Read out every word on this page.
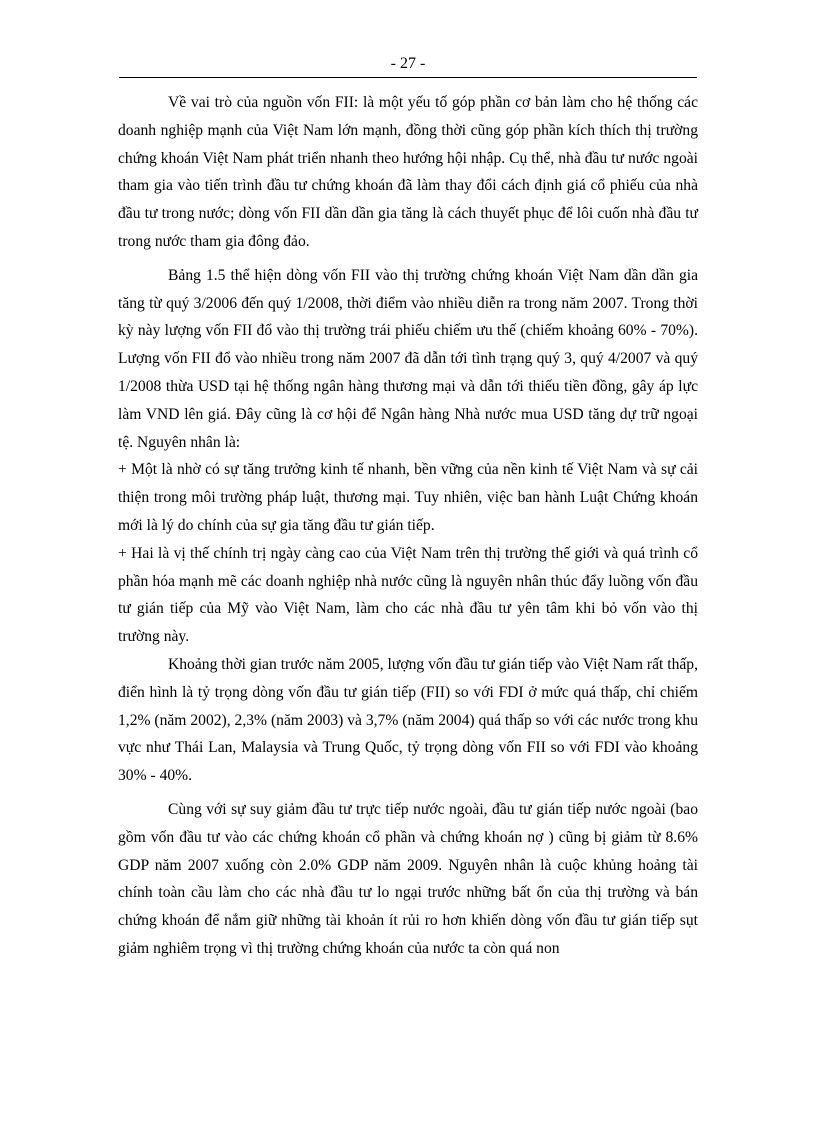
- 27 -

Về vai trò của nguồn vốn FII: là một yếu tố góp phần cơ bản làm cho hệ thống các doanh nghiệp mạnh của Việt Nam lớn mạnh, đồng thời cũng góp phần kích thích thị trường chứng khoán Việt Nam phát triển nhanh theo hướng hội nhập. Cụ thể, nhà đầu tư nước ngoài tham gia vào tiến trình đầu tư chứng khoán đã làm thay đổi cách định giá cổ phiếu của nhà đầu tư trong nước; dòng vốn FII dần dần gia tăng là cách thuyết phục để lôi cuốn nhà đầu tư trong nước tham gia đông đảo.

Bảng 1.5 thể hiện dòng vốn FII vào thị trường chứng khoán Việt Nam dần dần gia tăng từ quý 3/2006 đến quý 1/2008, thời điểm vào nhiều diễn ra trong năm 2007. Trong thời kỳ này lượng vốn FII đổ vào thị trường trái phiếu chiếm ưu thế (chiếm khoảng 60% - 70%). Lượng vốn FII đổ vào nhiều trong năm 2007 đã dẫn tới tình trạng quý 3, quý 4/2007 và quý 1/2008 thừa USD tại hệ thống ngân hàng thương mại và dẫn tới thiếu tiền đồng, gây áp lực làm VND lên giá. Đây cũng là cơ hội để Ngân hàng Nhà nước mua USD tăng dự trữ ngoại tệ. Nguyên nhân là:

+ Một là nhờ có sự tăng trưởng kinh tế nhanh, bền vững của nền kinh tế Việt Nam và sự cải thiện trong môi trường pháp luật, thương mại. Tuy nhiên, việc ban hành Luật Chứng khoán mới là lý do chính của sự gia tăng đầu tư gián tiếp.

+ Hai là vị thế chính trị ngày càng cao của Việt Nam trên thị trường thế giới và quá trình cổ phần hóa mạnh mẽ các doanh nghiệp nhà nước cũng là nguyên nhân thúc đẩy luồng vốn đầu tư gián tiếp của Mỹ vào Việt Nam, làm cho các nhà đầu tư yên tâm khi bỏ vốn vào thị trường này.

Khoảng thời gian trước năm 2005, lượng vốn đầu tư gián tiếp vào Việt Nam rất thấp, điển hình là tỷ trọng dòng vốn đầu tư gián tiếp (FII) so với FDI ở mức quá thấp, chỉ chiếm 1,2% (năm 2002), 2,3% (năm 2003) và 3,7% (năm 2004) quá thấp so với các nước trong khu vực như Thái Lan, Malaysia và Trung Quốc, tỷ trọng dòng vốn FII so với FDI vào khoảng 30% - 40%.

Cùng với sự suy giảm đầu tư trực tiếp nước ngoài, đầu tư gián tiếp nước ngoài (bao gồm vốn đầu tư vào các chứng khoán cổ phần và chứng khoán nợ ) cũng bị giảm từ 8.6% GDP năm 2007 xuống còn 2.0% GDP năm 2009. Nguyên nhân là cuộc khủng hoảng tài chính toàn cầu làm cho các nhà đầu tư lo ngại trước những bất ổn của thị trường và bán chứng khoán để nắm giữ những tài khoản ít rủi ro hơn khiến dòng vốn đầu tư gián tiếp sụt giảm nghiêm trọng vì thị trường chứng khoán của nước ta còn quá non
